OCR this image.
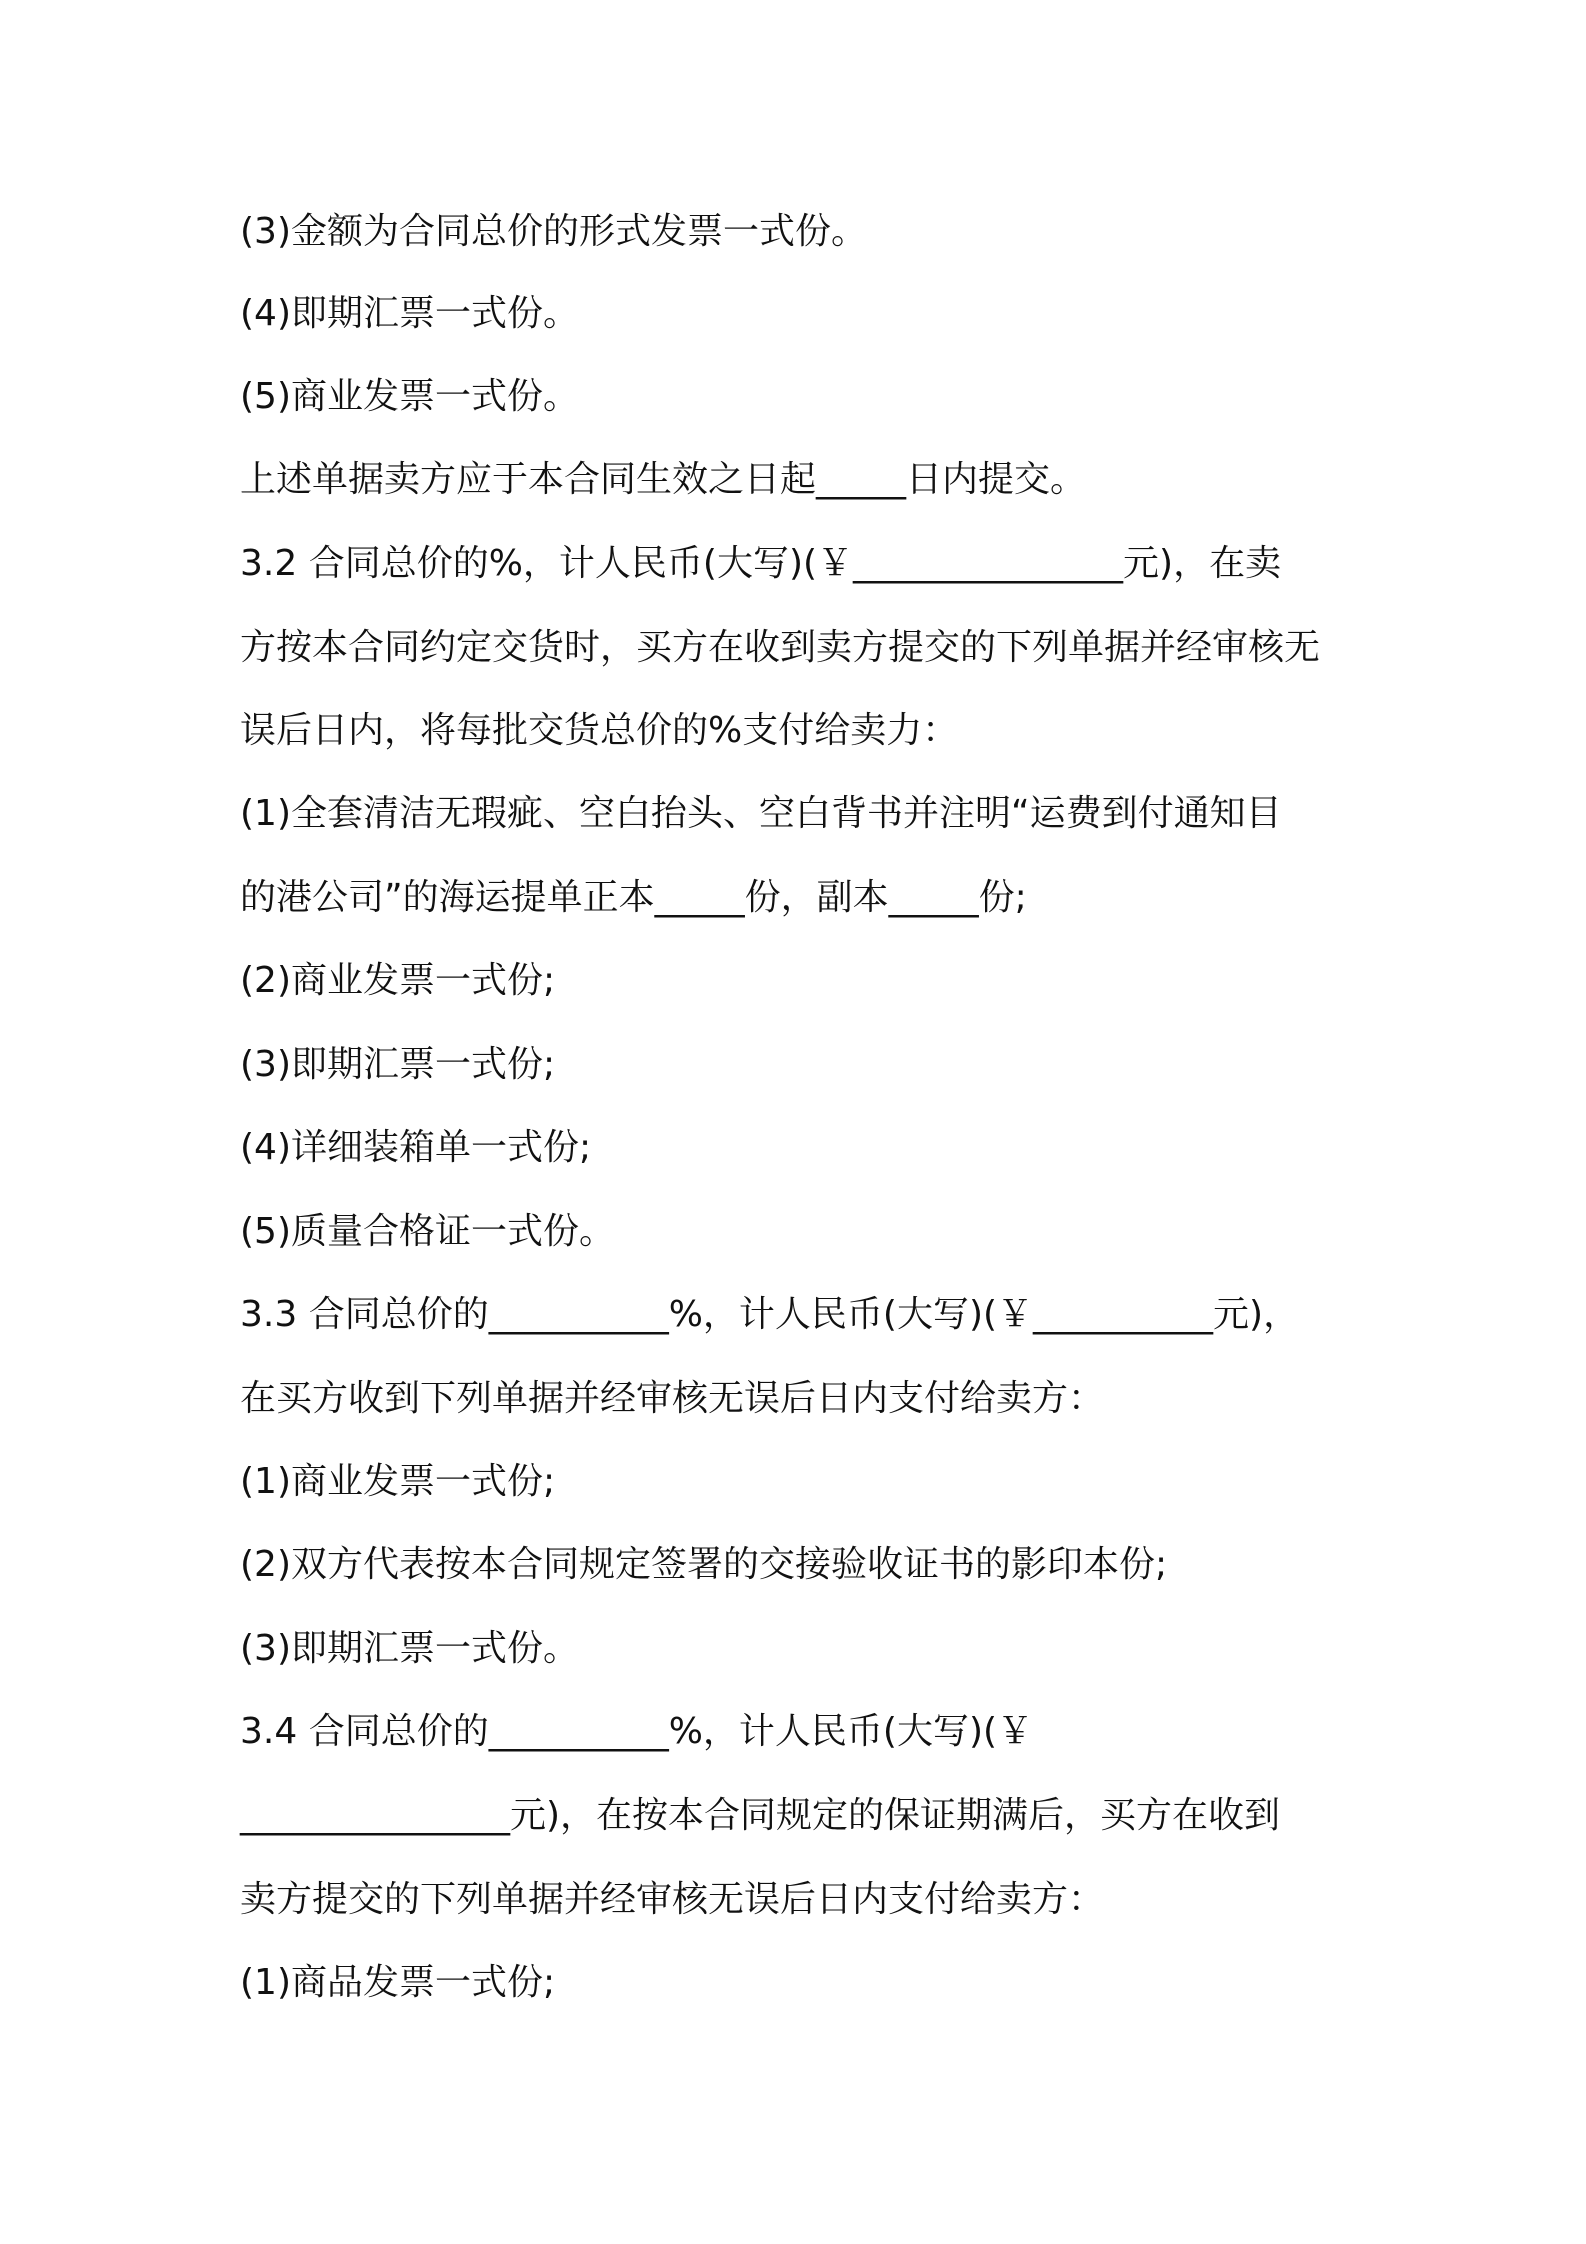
(3)金额为合同总价的形式发票一式份。
(4)即期汇票一式份。
(5)商业发票一式份。
上述单据卖方应于本合同生效之日起_____日内提交。
3.2 合同总价的%，计人民币(大写)(￥_______________元)，在卖
方按本合同约定交货时，买方在收到卖方提交的下列单据并经审核无
误后日内，将每批交货总价的%支付给卖力：
(1)全套清洁无瑕疵、空白抬头、空白背书并注明“运费到付通知目
的港公司”的海运提单正本_____份，副本_____份;
(2)商业发票一式份;
(3)即期汇票一式份;
(4)详细装箱单一式份;
(5)质量合格证一式份。
3.3 合同总价的__________%，计人民币(大写)(￥__________元)，
在买方收到下列单据并经审核无误后日内支付给卖方：
(1)商业发票一式份;
(2)双方代表按本合同规定签署的交接验收证书的影印本份;
(3)即期汇票一式份。
3.4 合同总价的__________%，计人民币(大写)(￥
_______________元)，在按本合同规定的保证期满后，买方在收到
卖方提交的下列单据并经审核无误后日内支付给卖方：
(1)商品发票一式份;
